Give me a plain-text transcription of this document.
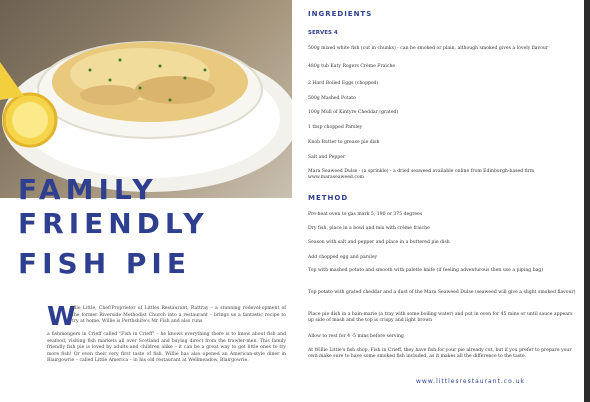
FAMILY
FRIENDLY
FISH PIE
W
illie Little, Chef/Proprietor of Littles Restaurant, Rattray – a stunning redevel-opment of the former Riverside Methodist Church into a restaurant – brings us a fantastic recipe to try at home. Willie is Perthshire's Mr Fish and also runs
a fishmongers in Crieff called "Fish in Crieff" – he knows everything there is to know about fish and seafood, visiting fish markets all over Scotland and buying direct from the trawler-men. This family friendly fish pie is loved by adults and children alike – it can be a great way to get little ones to try more fish! Or even their very first taste of fish. Willie has also opened an American-style diner in Blairgowrie – called Little America – in his old restaurant at Wellmeadow, Blairgowrie.
INGREDIENTS
SERVES 4
500g mixed white fish (cut in chunks) - can be smoked or plain, although smoked gives a lovely flavour
480g tub Katy Rogers Crème Fraiche
2 Hard Boiled Eggs (chopped)
500g Mashed Potato
100g Mull of Kintyre Cheddar (grated)
1 tbsp chopped Parsley
Knob Butter to grease pie dish
Salt and Pepper
Mara Seaweed Dulse - (a sprinkle) - a dried seaweed available online from Edinburgh-based firm www.maraseaweed.com
METHOD
Pre-heat oven to gas mark 5, 190 or 375 degrees
Dry fish, place in a bowl and mix with crème fraiche
Season with salt and pepper and place in a buttered pie dish
Add chopped egg and parsley
Top with mashed potato and smooth with palette knife (if feeling adventurous then use a piping bag)
Top potato with grated cheddar and a dust of the Mara Seaweed Dulse (seaweed will give a slight smoked flavour)
Place pie dish in a bain-marie (a tray with some boiling water) and put in oven for 45 mins or until sauce appears up side of mash and the top is crispy and light brown
Allow to rest for 4 -5 mins before serving
At Willie Little's fish shop, Fish in Crieff, they have fish for your pie already cut, but if you prefer to prepare your own make sure to have some smoked fish included, as it makes all the difference to the taste.
www.littlesrestaurant.co.uk
